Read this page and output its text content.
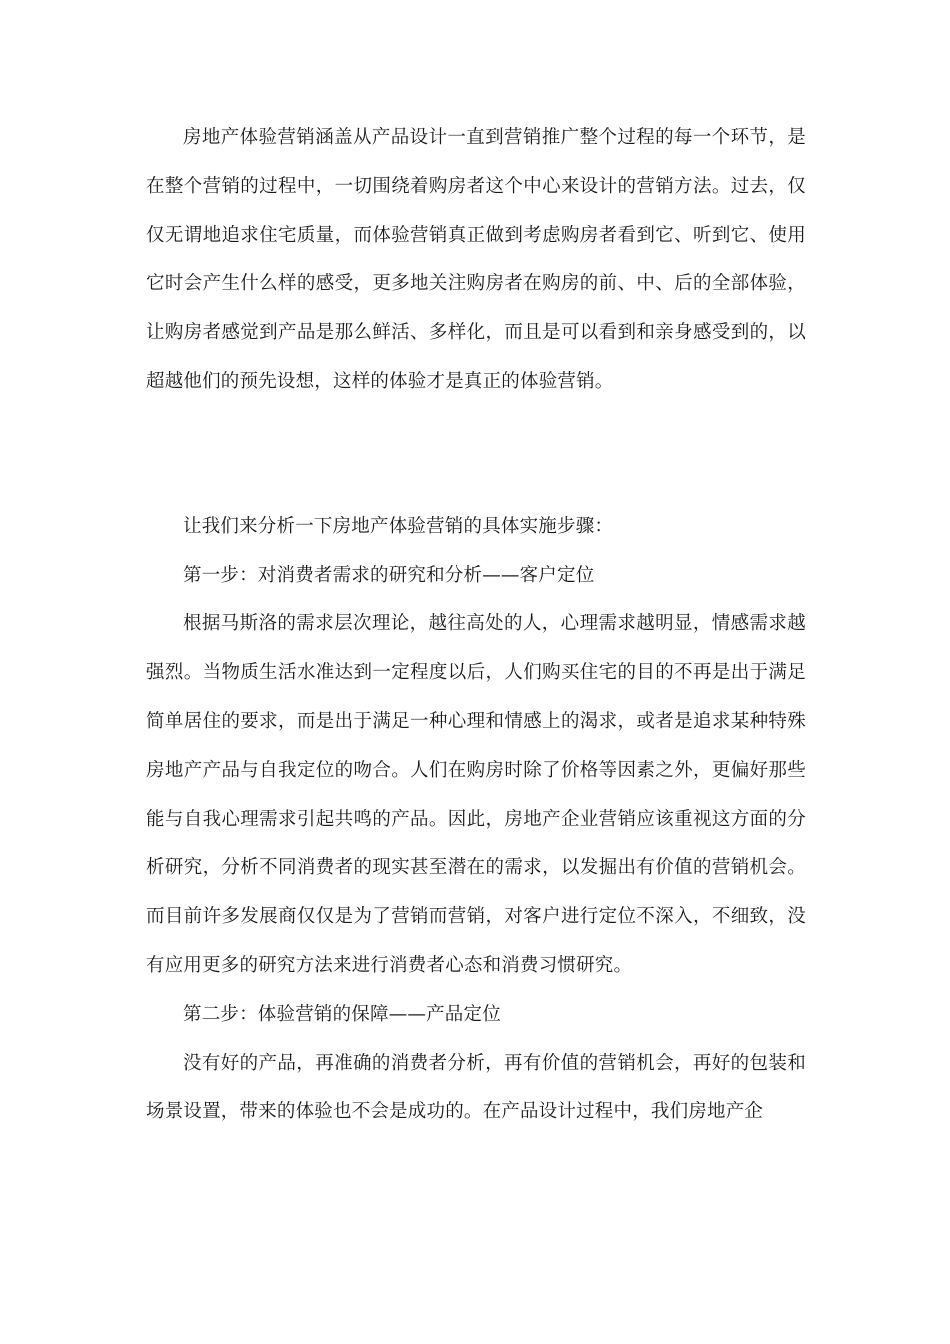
房地产体验营销涵盖从产品设计一直到营销推广整个过程的每一个环节，是在整个营销的过程中，一切围绕着购房者这个中心来设计的营销方法。过去，仅仅无谓地追求住宅质量，而体验营销真正做到考虑购房者看到它、听到它、使用它时会产生什么样的感受，更多地关注购房者在购房的前、中、后的全部体验，让购房者感觉到产品是那么鲜活、多样化，而且是可以看到和亲身感受到的，以超越他们的预先设想，这样的体验才是真正的体验营销。

让我们来分析一下房地产体验营销的具体实施步骤：

第一步：对消费者需求的研究和分析——客户定位

根据马斯洛的需求层次理论，越往高处的人，心理需求越明显，情感需求越强烈。当物质生活水准达到一定程度以后，人们购买住宅的目的不再是出于满足简单居住的要求，而是出于满足一种心理和情感上的渴求，或者是追求某种特殊房地产产品与自我定位的吻合。人们在购房时除了价格等因素之外，更偏好那些能与自我心理需求引起共鸣的产品。因此，房地产企业营销应该重视这方面的分析研究，分析不同消费者的现实甚至潜在的需求，以发掘出有价值的营销机会。而目前许多发展商仅仅是为了营销而营销，对客户进行定位不深入，不细致，没有应用更多的研究方法来进行消费者心态和消费习惯研究。

第二步：体验营销的保障——产品定位

没有好的产品，再准确的消费者分析，再有价值的营销机会，再好的包装和场景设置，带来的体验也不会是成功的。在产品设计过程中，我们房地产企
